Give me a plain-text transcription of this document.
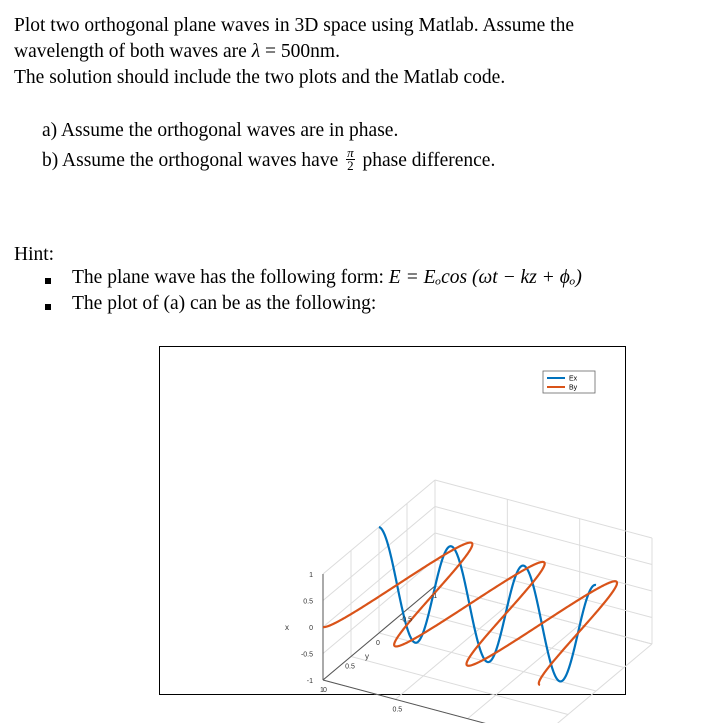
Plot two orthogonal plane waves in 3D space using Matlab. Assume the
wavelength of both waves are λ = 500nm.
The solution should include the two plots and the Matlab code.
a) Assume the orthogonal waves are in phase.
b) Assume the orthogonal waves have $\frac{\pi}{2}$ phase difference.
Hint:
The plane wave has the following form: E = Eₒcos (ωt − kz + ϕₒ)
The plot of (a) can be as the following:
-1
-0.5
0
0.5
1
x
-1
-0.5
0
0.5
1
y
0
0.5
Ex
By
